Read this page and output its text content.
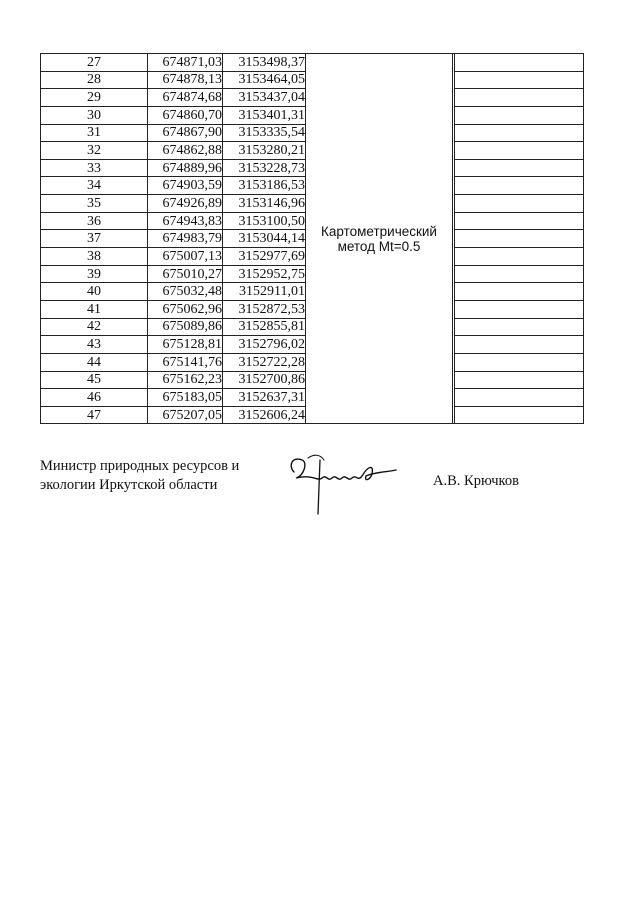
27	674871,03	3153498,37	Картометрический
метод Mt=0.5		

28	674878,13	3153464,05			
29	674874,68	3153437,04			
30	674860,70	3153401,31			
31	674867,90	3153335,54			
32	674862,88	3153280,21			
33	674889,96	3153228,73			
34	674903,59	3153186,53			
35	674926,89	3153146,96			
36	674943,83	3153100,50			
37	674983,79	3153044,14			
38	675007,13	3152977,69			
39	675010,27	3152952,75			
40	675032,48	3152911,01			
41	675062,96	3152872,53			
42	675089,86	3152855,81			
43	675128,81	3152796,02			
44	675141,76	3152722,28			
45	675162,23	3152700,86			
46	675183,05	3152637,31			
47	675207,05	3152606,24			
Министр природных ресурсов и
экологии Иркутской области	А.В. Крючков
